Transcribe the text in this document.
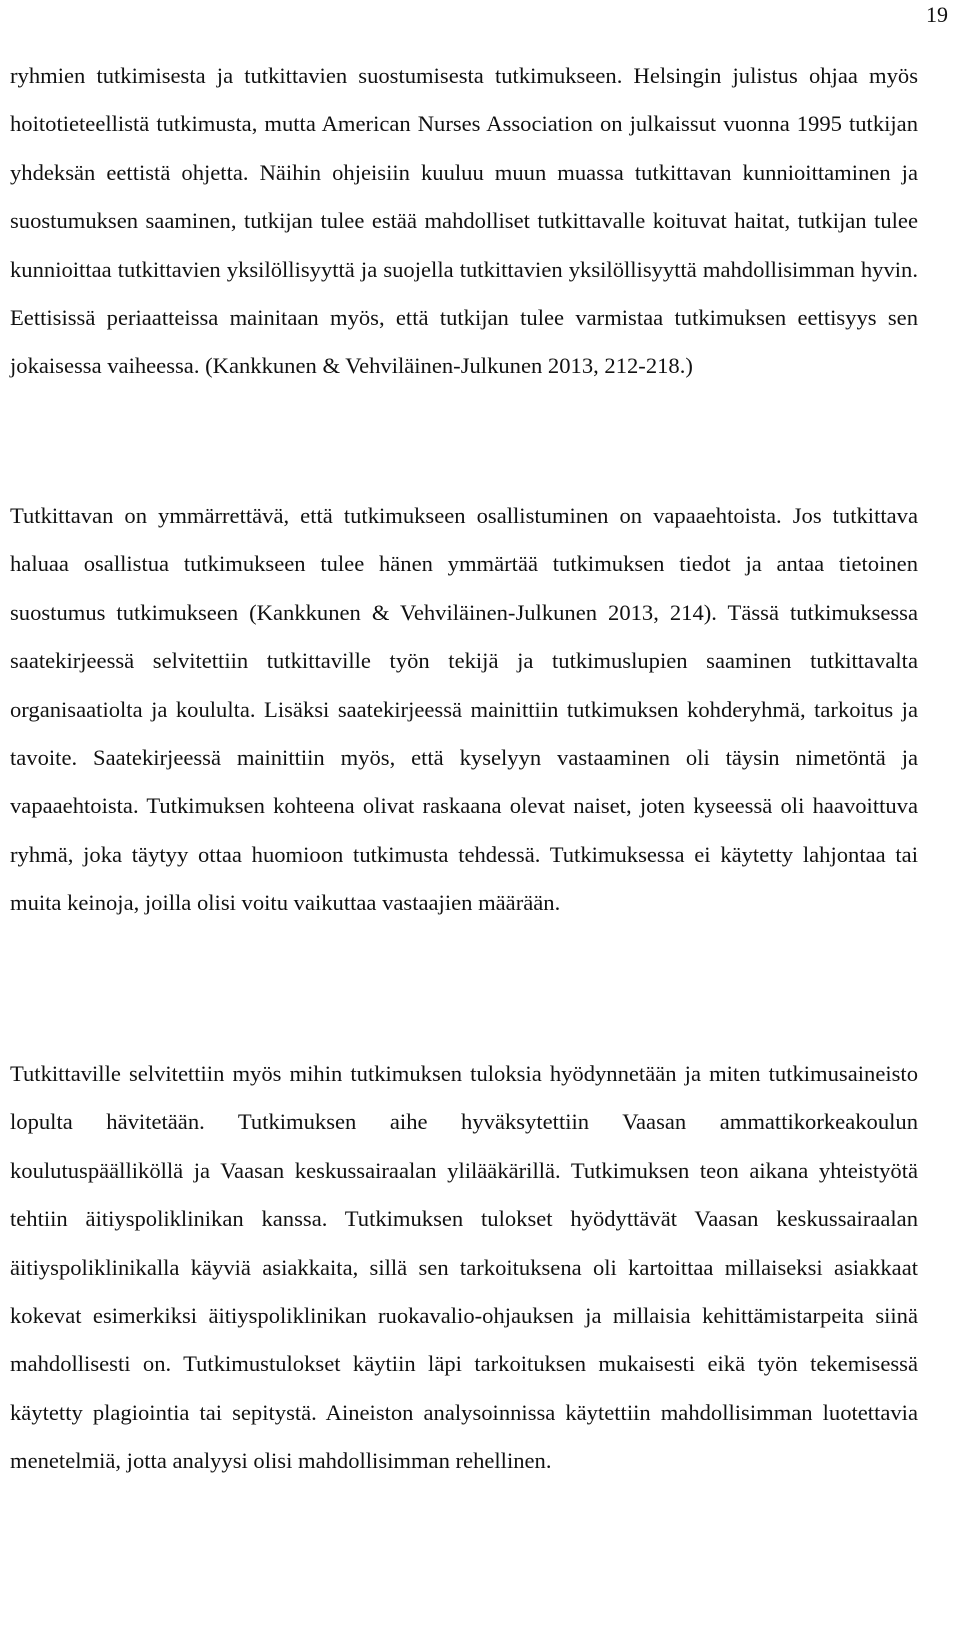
19

ryhmien tutkimisesta ja tutkittavien suostumisesta tutkimukseen. Helsingin julistus ohjaa myös hoitotieteellistä tutkimusta, mutta American Nurses Association on julkaissut vuonna 1995 tutkijan yhdeksän eettistä ohjetta. Näihin ohjeisiin kuuluu muun muassa tutkittavan kunnioittaminen ja suostumuksen saaminen, tutkijan tulee estää mahdolliset tutkittavalle koituvat haitat, tutkijan tulee kunnioittaa tutkittavien yksilöllisyyttä ja suojella tutkittavien yksilöllisyyttä mahdollisimman hyvin. Eettisissä periaatteissa mainitaan myös, että tutkijan tulee varmistaa tutkimuksen eettisyys sen jokaisessa vaiheessa. (Kankkunen & Vehviläinen-Julkunen 2013, 212-218.)

Tutkittavan on ymmärrettävä, että tutkimukseen osallistuminen on vapaaehtoista. Jos tutkittava haluaa osallistua tutkimukseen tulee hänen ymmärtää tutkimuksen tiedot ja antaa tietoinen suostumus tutkimukseen (Kankkunen & Vehviläinen-Julkunen 2013, 214). Tässä tutkimuksessa saatekirjeessä selvitettiin tutkittaville työn tekijä ja tutkimuslupien saaminen tutkittavalta organisaatiolta ja koululta. Lisäksi saatekirjeessä mainittiin tutkimuksen kohderyhmä, tarkoitus ja tavoite. Saatekirjeessä mainittiin myös, että kyselyyn vastaaminen oli täysin nimetöntä ja vapaaehtoista. Tutkimuksen kohteena olivat raskaana olevat naiset, joten kyseessä oli haavoittuva ryhmä, joka täytyy ottaa huomioon tutkimusta tehdessä. Tutkimuksessa ei käytetty lahjontaa tai muita keinoja, joilla olisi voitu vaikuttaa vastaajien määrään.

Tutkittaville selvitettiin myös mihin tutkimuksen tuloksia hyödynnetään ja miten tutkimusaineisto lopulta hävitetään. Tutkimuksen aihe hyväksytettiin Vaasan ammattikorkeakoulun koulutuspäälliköllä ja Vaasan keskussairaalan ylilääkärillä. Tutkimuksen teon aikana yhteistyötä tehtiin äitiyspoliklinikan kanssa. Tutkimuksen tulokset hyödyttävät Vaasan keskussairaalan äitiyspoliklinikalla käyviä asiakkaita, sillä sen tarkoituksena oli kartoittaa millaiseksi asiakkaat kokevat esimerkiksi äitiyspoliklinikan ruokavalio-ohjauksen ja millaisia kehittämistarpeita siinä mahdollisesti on. Tutkimustulokset käytiin läpi tarkoituksen mukaisesti eikä työn tekemisessä käytetty plagiointia tai sepitystä. Aineiston analysoinnissa käytettiin mahdollisimman luotettavia menetelmiä, jotta analyysi olisi mahdollisimman rehellinen.
